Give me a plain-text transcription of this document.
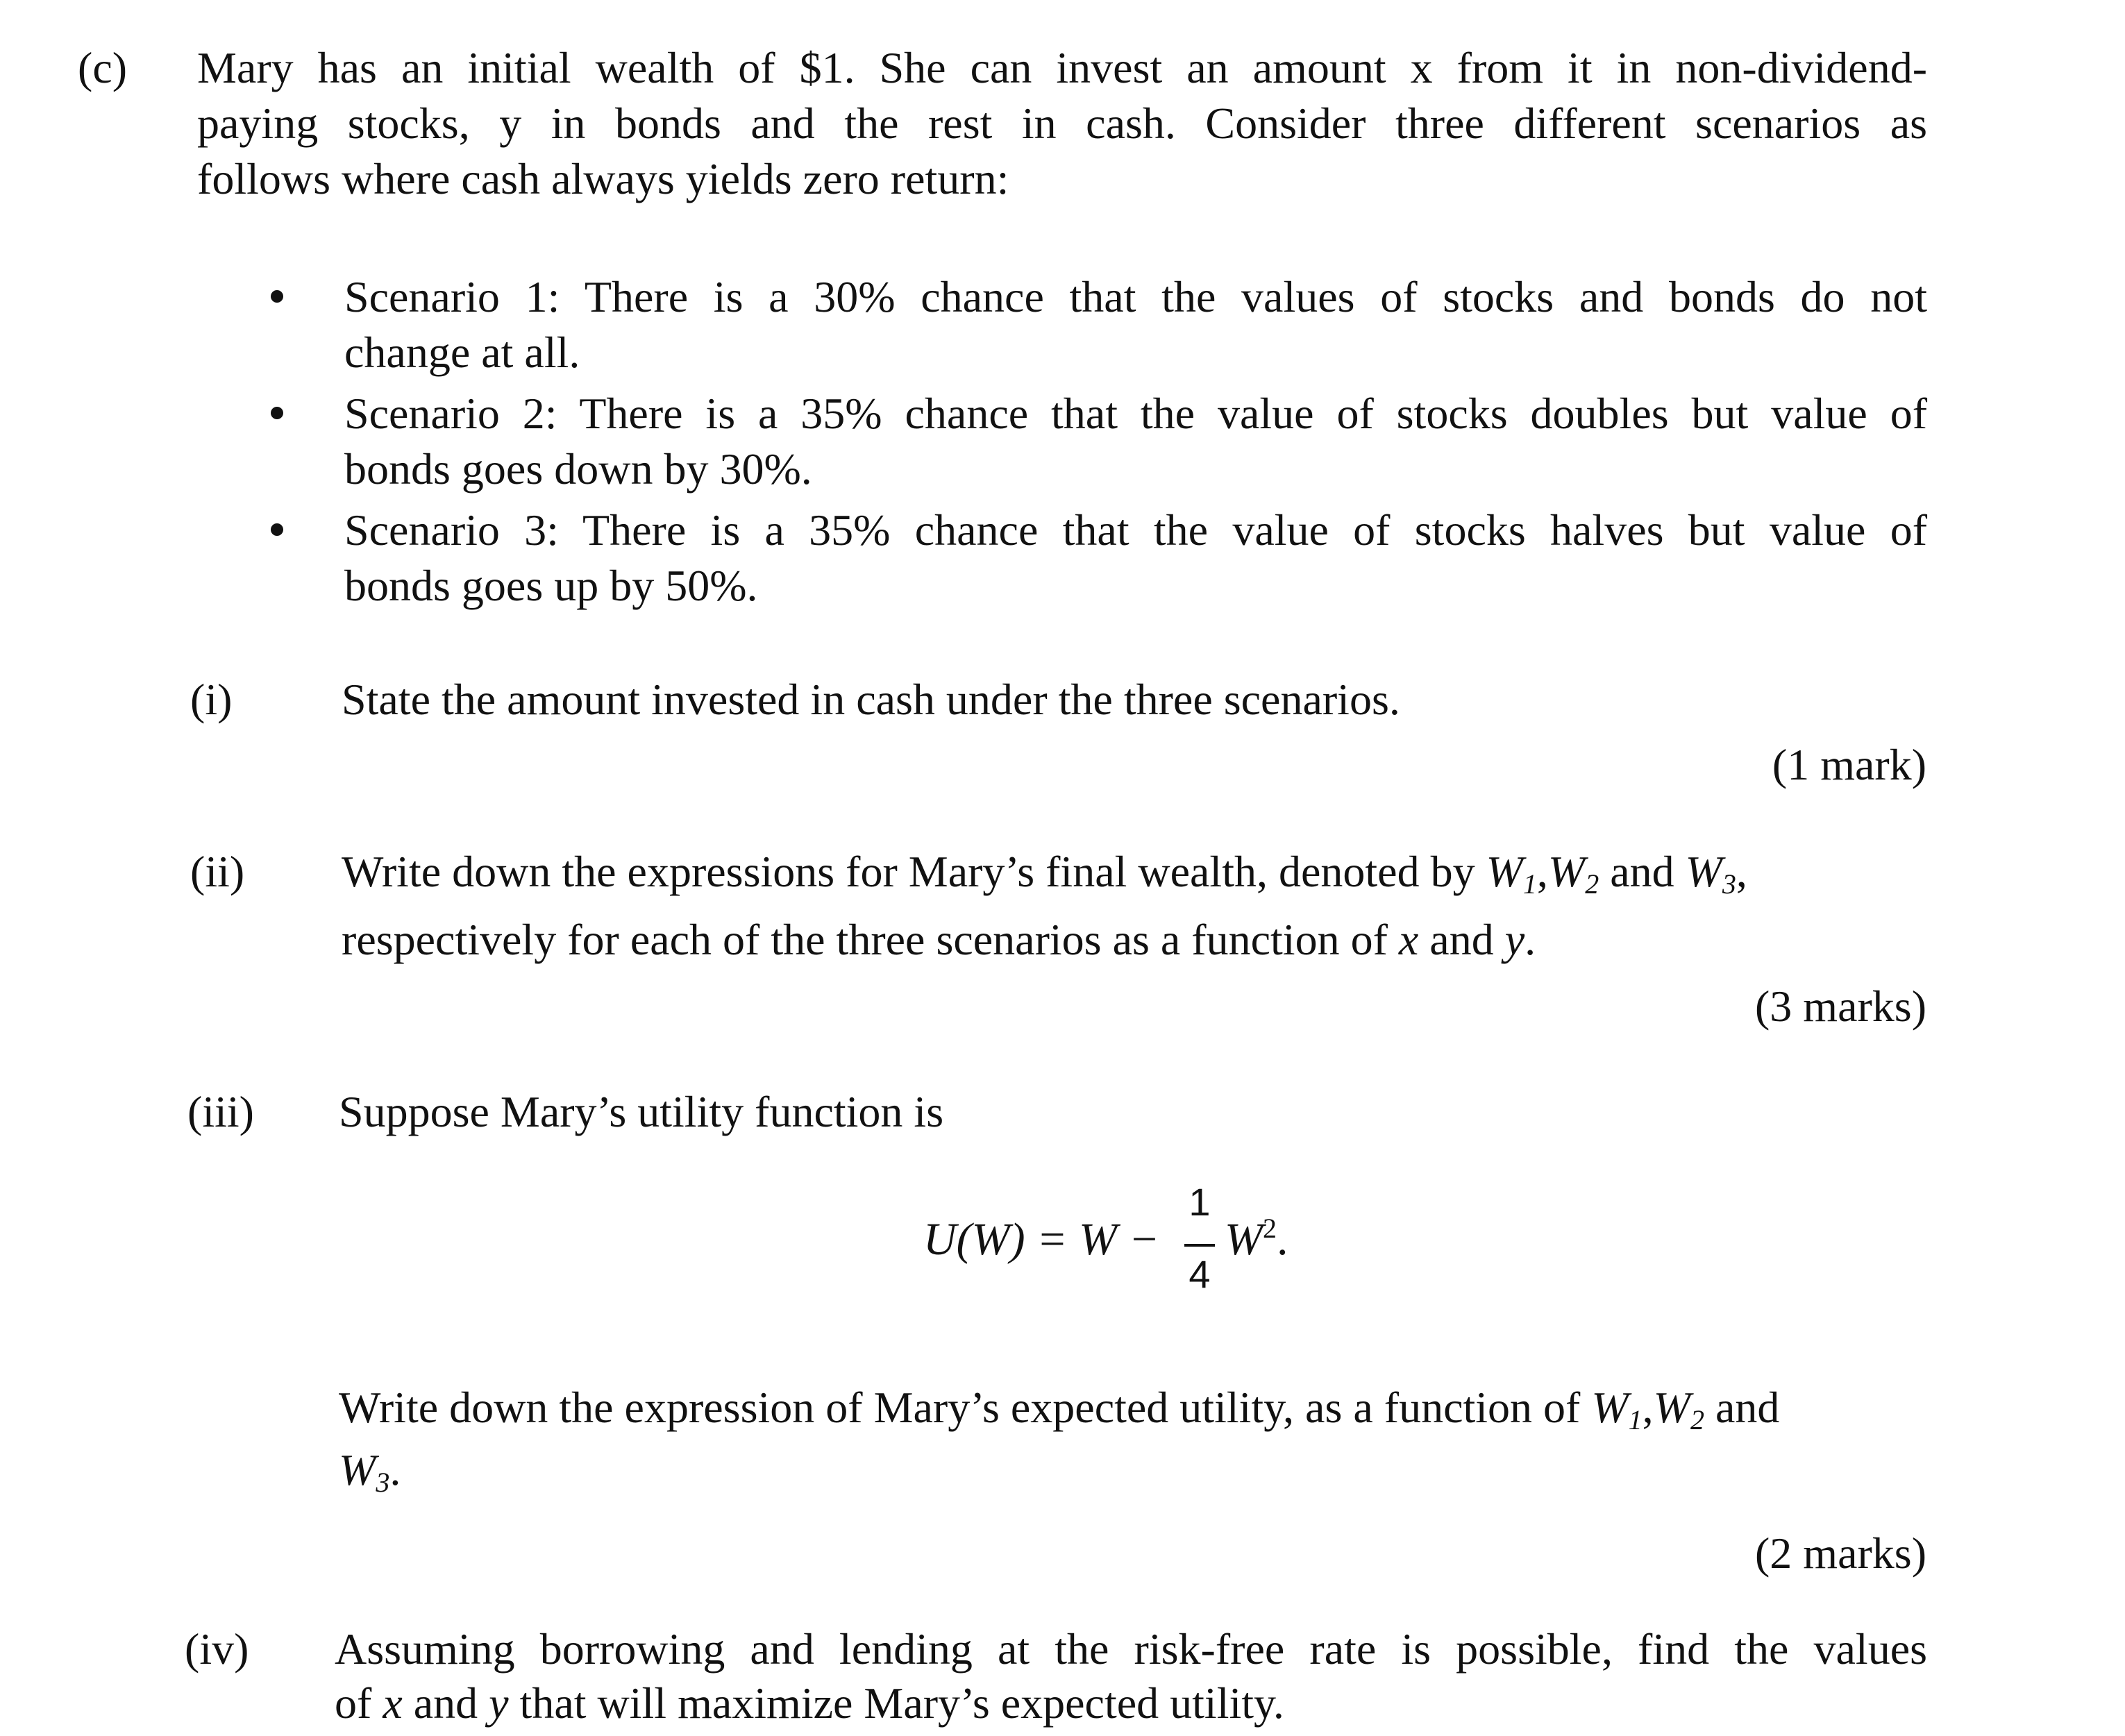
(c) Mary has an initial wealth of $1. She can invest an amount x from it in non-dividend-
paying stocks, y in bonds and the rest in cash. Consider three different scenarios as
follows where cash always yields zero return:
Scenario 1: There is a 30% chance that the values of stocks and bonds do not
change at all.
Scenario 2: There is a 35% chance that the value of stocks doubles but value of
bonds goes down by 30%.
Scenario 3: There is a 35% chance that the value of stocks halves but value of
bonds goes up by 50%.
(i) State the amount invested in cash under the three scenarios.
(1 mark)
(ii) Write down the expressions for Mary’s final wealth, denoted by $W_1,W_2$ and $W_3$,
respectively for each of the three scenarios as a function of x and y.
(3 marks)
(iii) Suppose Mary’s utility function is
U(W) = W −
1
4
$W^2$.
Write down the expression of Mary’s expected utility, as a function of $W_1,W_2$ and
$W_3$.
(2 marks)
(iv) Assuming borrowing and lending at the risk-free rate is possible, find the values
of x and y that will maximize Mary’s expected utility.
